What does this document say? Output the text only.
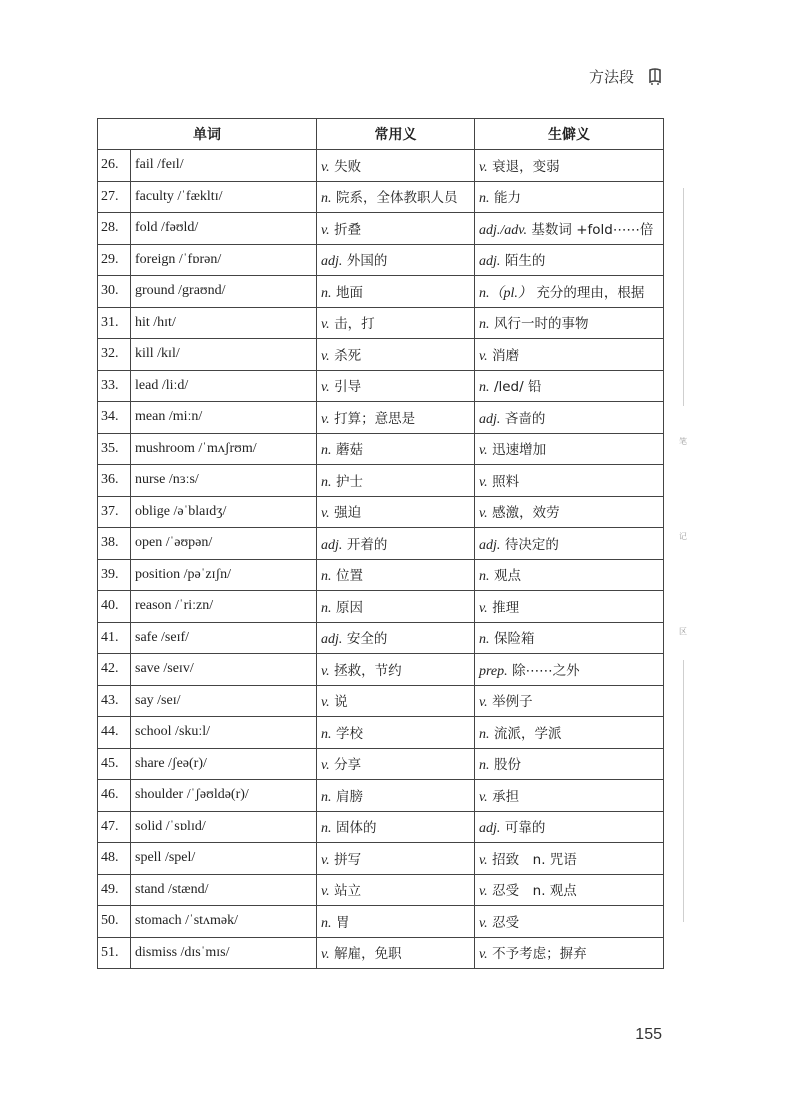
方法段
单词		常用义	生僻义
26.	fail /feɪl/	v. 失败	v. 衰退，变弱
27.	faculty /ˈfækltɪ/	n. 院系，全体教职人员	n. 能力
28.	fold /fəʊld/	v. 折叠	adj./adv. 基数词 +fold⋯⋯倍
29.	foreign /ˈfɒrən/	adj. 外国的	adj. 陌生的
30.	ground /graʊnd/	n. 地面	n.（pl.） 充分的理由，根据
31.	hit /hɪt/	v. 击，打	n. 风行一时的事物
32.	kill /kɪl/	v. 杀死	v. 消磨
33.	lead /liːd/	v. 引导	n. /led/ 铅
34.	mean /miːn/	v. 打算；意思是	adj. 吝啬的
35.	mushroom /ˈmʌʃrʊm/	n. 蘑菇	v. 迅速增加
36.	nurse /nɜːs/	n. 护士	v. 照料
37.	oblige /əˈblaɪdʒ/	v. 强迫	v. 感激，效劳
38.	open /ˈəʊpən/	adj. 开着的	adj. 待决定的
39.	position /pəˈzɪʃn/	n. 位置	n. 观点
40.	reason /ˈriːzn/	n. 原因	v. 推理
41.	safe /seɪf/	adj. 安全的	n. 保险箱
42.	save /seɪv/	v. 拯救，节约	prep. 除⋯⋯之外
43.	say /seɪ/	v. 说	v. 举例子
44.	school /skuːl/	n. 学校	n. 流派，学派
45.	share /ʃeə(r)/	v. 分享	n. 股份
46.	shoulder /ˈʃəʊldə(r)/	n. 肩膀	v. 承担
47.	solid /ˈsɒlɪd/	n. 固体的	adj. 可靠的
48.	spell /spel/	v. 拼写	v. 招致　n. 咒语
49.	stand /stænd/	v. 站立	v. 忍受　n. 观点
50.	stomach /ˈstʌmək/	n. 胃	v. 忍受
51.	dismiss /dɪsˈmɪs/	v. 解雇，免职	v. 不予考虑；摒弃
笔
记
区
155
